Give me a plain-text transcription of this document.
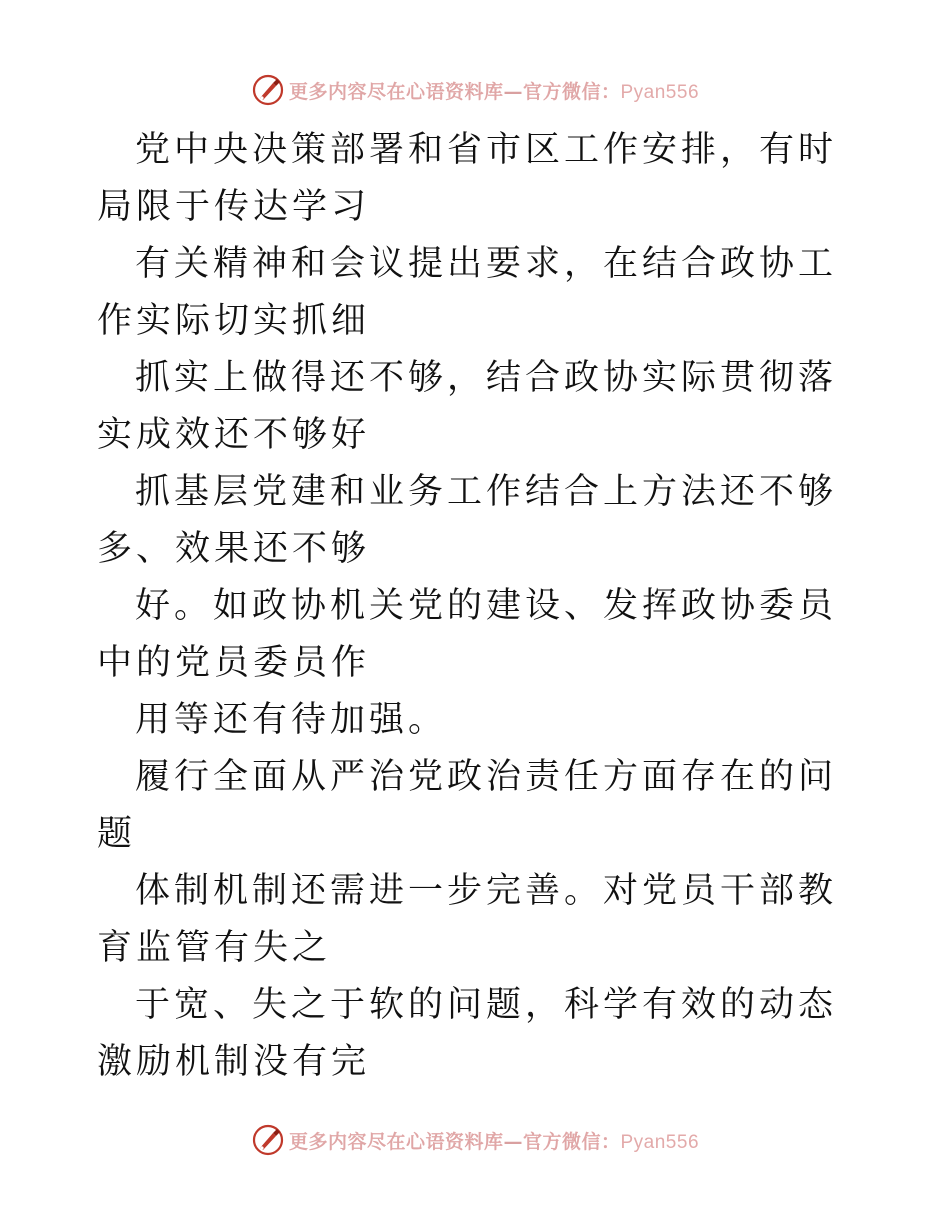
更多内容尽在心语资料库—官方微信：Pyan556

党中央决策部署和省市区工作安排，有时局限于传达学习

有关精神和会议提出要求，在结合政协工作实际切实抓细

抓实上做得还不够，结合政协实际贯彻落实成效还不够好

抓基层党建和业务工作结合上方法还不够多、效果还不够

好。如政协机关党的建设、发挥政协委员中的党员委员作

用等还有待加强。

履行全面从严治党政治责任方面存在的问题

体制机制还需进一步完善。对党员干部教育监管有失之

于宽、失之于软的问题，科学有效的动态激励机制没有完

更多内容尽在心语资料库—官方微信：Pyan556
